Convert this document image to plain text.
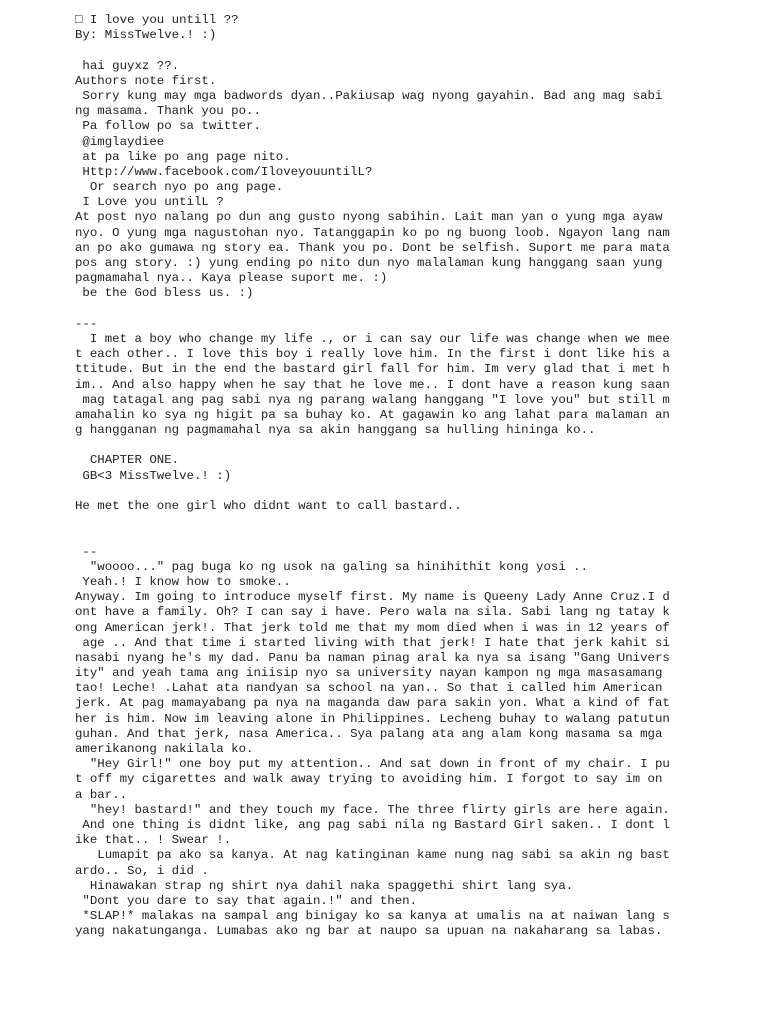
□ I love you untill ??
By: MissTwelve.! :)
hai guyxz ??.
Authors note first.
Sorry kung may mga badwords dyan..Pakiusap wag nyong gayahin. Bad ang mag sabi
ng masama. Thank you po..
Pa follow po sa twitter.
@imglaydiee
at pa like po ang page nito.
Http://www.facebook.com/IloveyouuntilL?
Or search nyo po ang page.
I Love you untilL ?
At post nyo nalang po dun ang gusto nyong sabihin. Lait man yan o yung mga ayaw
nyo. O yung mga nagustohan nyo. Tatanggapin ko po ng buong loob. Ngayon lang nam
an po ako gumawa ng story ea. Thank you po. Dont be selfish. Suport me para mata
pos ang story. :) yung ending po nito dun nyo malalaman kung hanggang saan yung
pagmamahal nya.. Kaya please suport me. :)
be the God bless us. :)
---
I met a boy who change my life ., or i can say our life was change when we mee
t each other.. I love this boy i really love him. In the first i dont like his a
ttitude. But in the end the bastard girl fall for him. Im very glad that i met h
im.. And also happy when he say that he love me.. I dont have a reason kung saan
mag tatagal ang pag sabi nya ng parang walang hanggang "I love you" but still m
amahalin ko sya ng higit pa sa buhay ko. At gagawin ko ang lahat para malaman an
g hangganan ng pagmamahal nya sa akin hanggang sa hulling hininga ko..
CHAPTER ONE.
GB<3 MissTwelve.! :)
He met the one girl who didnt want to call bastard..
--
"woooo..." pag buga ko ng usok na galing sa hinihithit kong yosi ..
Yeah.! I know how to smoke..
Anyway. Im going to introduce myself first. My name is Queeny Lady Anne Cruz.I d
ont have a family. Oh? I can say i have. Pero wala na sila. Sabi lang ng tatay k
ong American jerk!. That jerk told me that my mom died when i was in 12 years of
age .. And that time i started living with that jerk! I hate that jerk kahit si
nasabi nyang he's my dad. Panu ba naman pinag aral ka nya sa isang "Gang Univers
ity" and yeah tama ang iniisip nyo sa university nayan kampon ng mga masasamang
tao! Leche! .Lahat ata nandyan sa school na yan.. So that i called him American
jerk. At pag mamayabang pa nya na maganda daw para sakin yon. What a kind of fat
her is him. Now im leaving alone in Philippines. Lecheng buhay to walang patutun
guhan. And that jerk, nasa America.. Sya palang ata ang alam kong masama sa mga
amerikanong nakilala ko.
"Hey Girl!" one boy put my attention.. And sat down in front of my chair. I pu
t off my cigarettes and walk away trying to avoiding him. I forgot to say im on
a bar..
"hey! bastard!" and they touch my face. The three flirty girls are here again.
And one thing is didnt like, ang pag sabi nila ng Bastard Girl saken.. I dont l
ike that.. ! Swear !.
Lumapit pa ako sa kanya. At nag katinginan kame nung nag sabi sa akin ng bast
ardo.. So, i did .
Hinawakan strap ng shirt nya dahil naka spaggethi shirt lang sya.
"Dont you dare to say that again.!" and then.
*SLAP!* malakas na sampal ang binigay ko sa kanya at umalis na at naiwan lang s
yang nakatunganga. Lumabas ako ng bar at naupo sa upuan na nakaharang sa labas.
